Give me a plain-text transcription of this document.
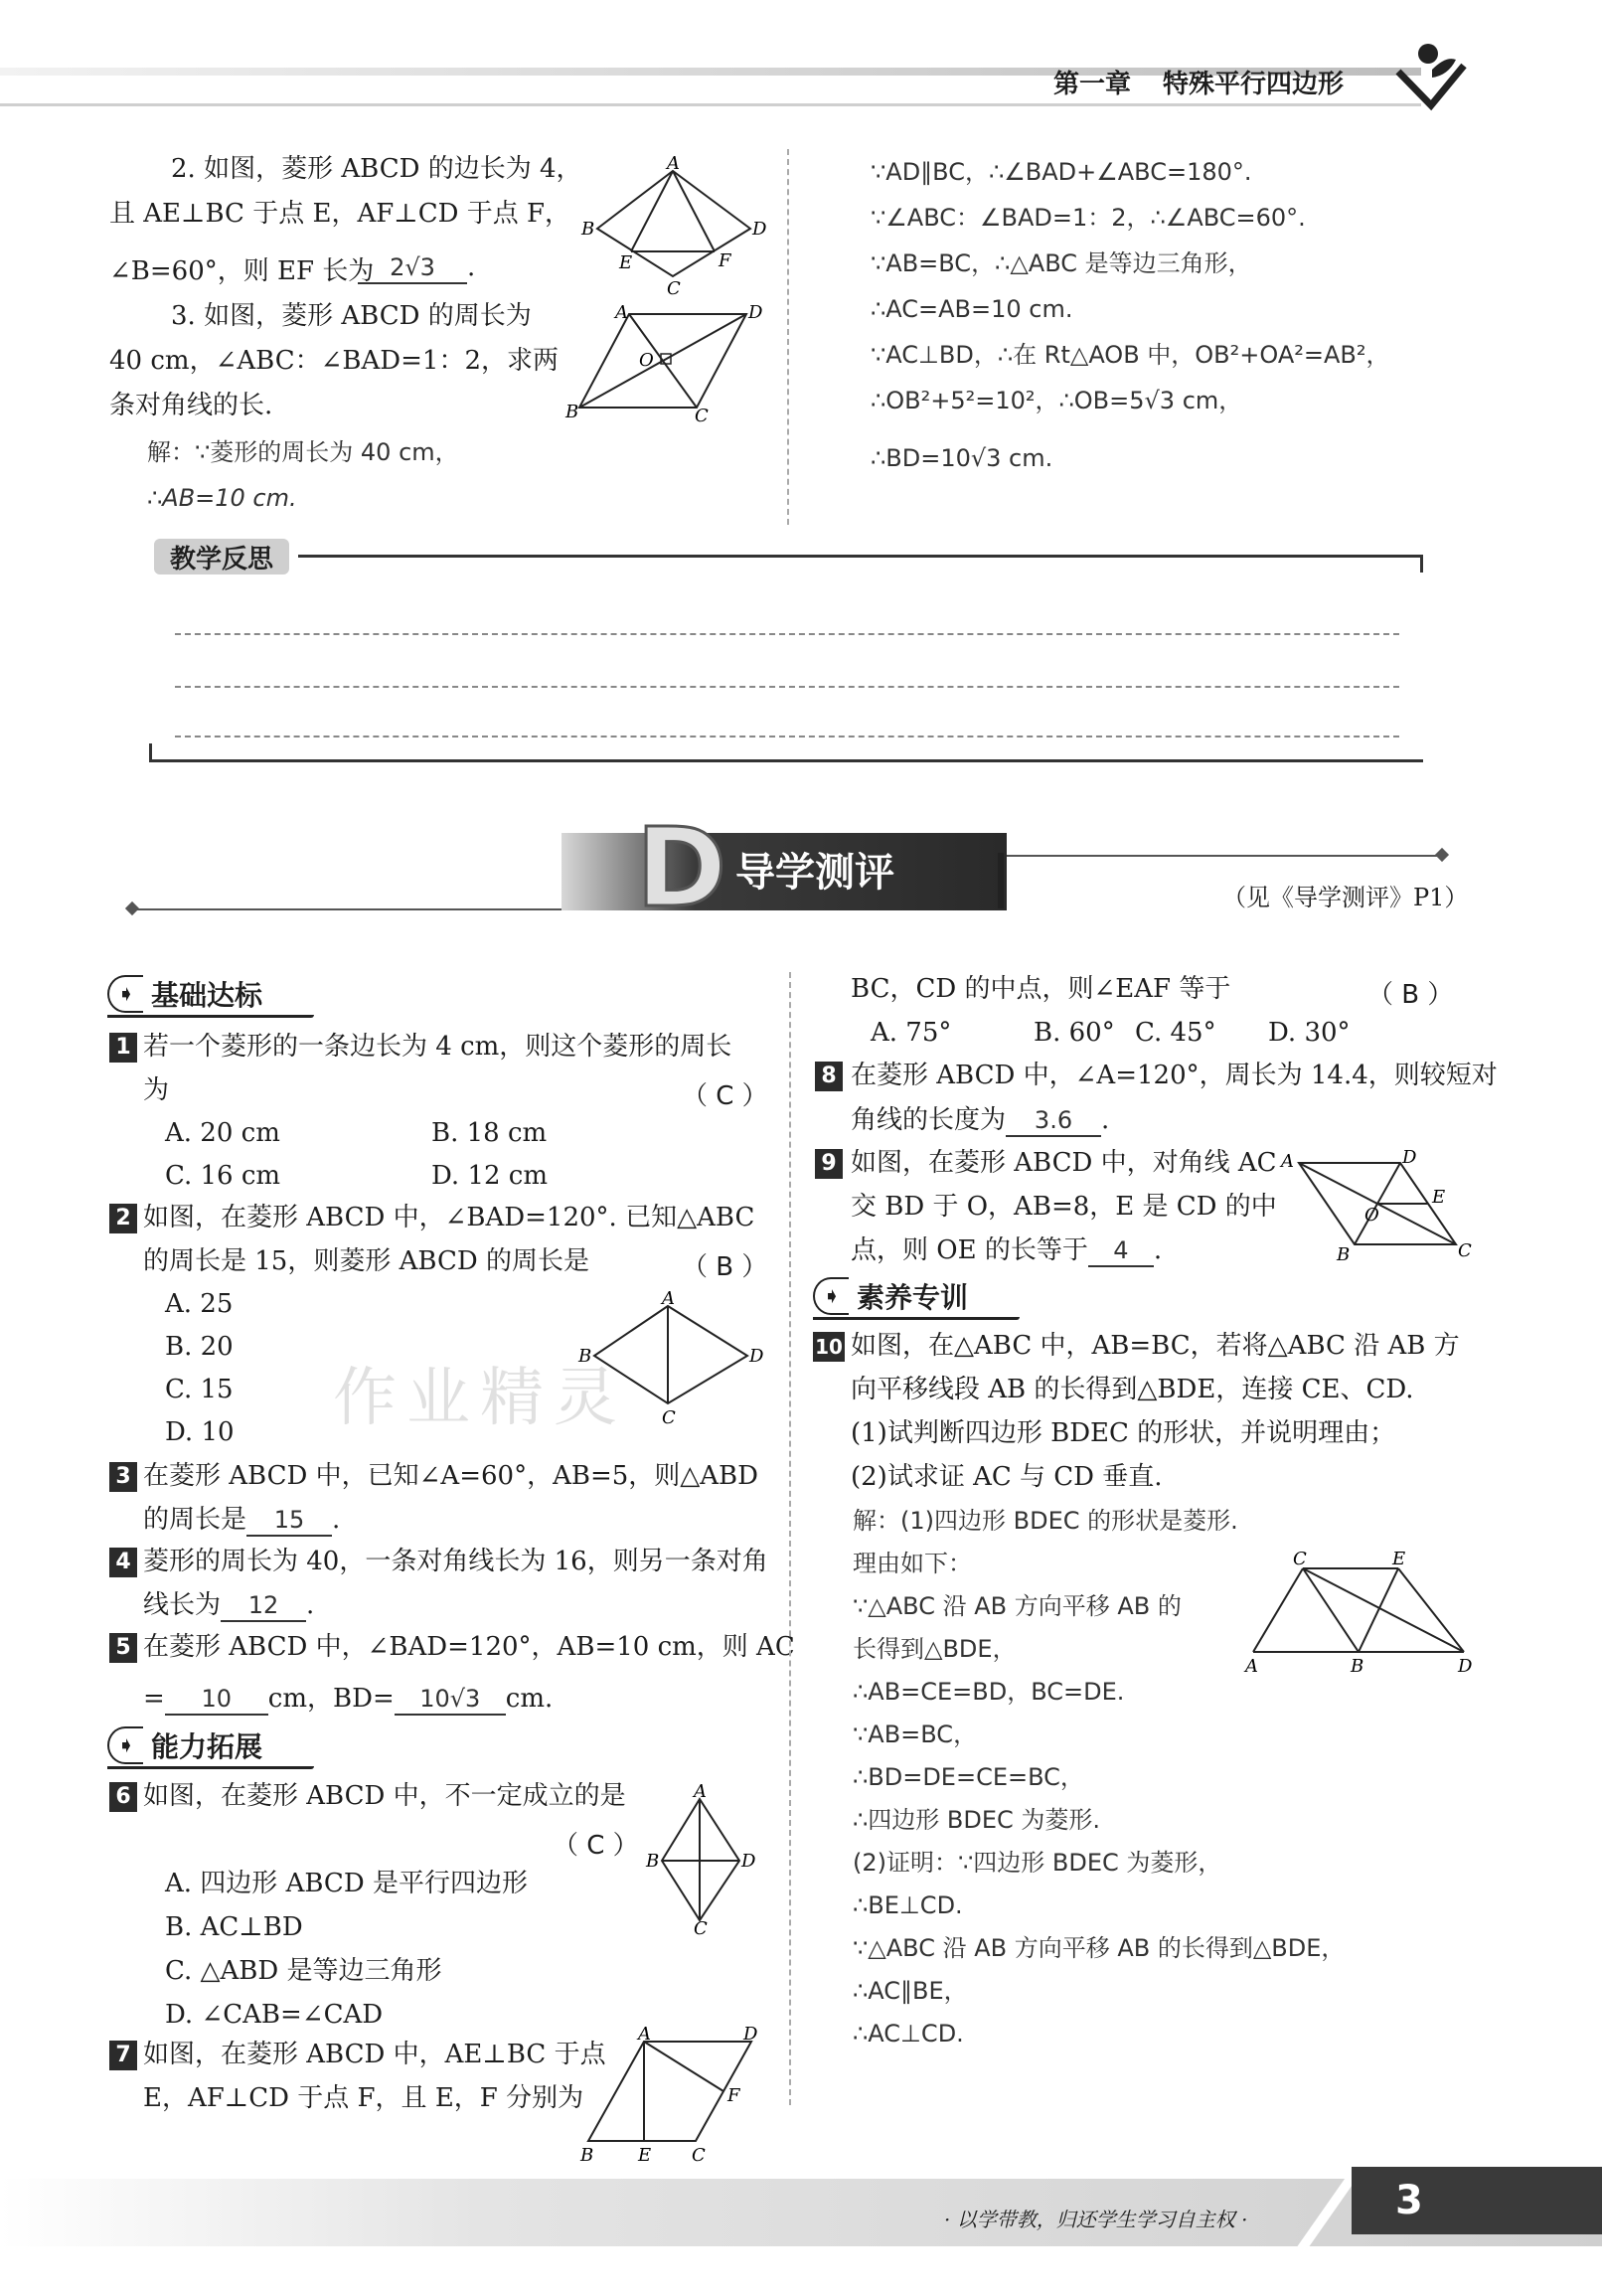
第一章 特殊平行四边形
2. 如图，菱形 ABCD 的边长为 4，
且 AE⊥BC 于点 E，AF⊥CD 于点 F，
∠B=60°，则 EF 长为 2√3 .
A
B	D
E
C
F
3. 如图，菱形 ABCD 的周长为
40 cm，∠ABC：∠BAD=1：2，求两
条对角线的长.
解：∵菱形的周长为 40 cm，
∴AB=10 cm.
A	D
O
B	C
∵AD∥BC，∴∠BAD+∠ABC=180°.
∵∠ABC：∠BAD=1：2，∴∠ABC=60°.
∵AB=BC，∴△ABC 是等边三角形，
∴AC=AB=10 cm.
∵AC⊥BD，∴在 Rt△AOB 中，OB²+OA²=AB²，
∴OB²+5²=10²，∴OB=5√3 cm，
∴BD=10√3 cm.
教学反思
D 导学测评
（见《导学测评》P1）
➧ 基础达标
1 若一个菱形的一条边长为 4 cm，则这个菱形的周长
为	（ C ）
A. 20 cm	B. 18 cm
C. 16 cm	D. 12 cm
2 如图，在菱形 ABCD 中，∠BAD=120°. 已知△ABC
的周长是 15，则菱形 ABCD 的周长是	（ B ）
A. 25
B. 20
C. 15
D. 10
A
B	D
C
3 在菱形 ABCD 中，已知∠A=60°，AB=5，则△ABD
的周长是 15 .
4 菱形的周长为 40，一条对角线长为 16，则另一条对角
线长为 12 .
5 在菱形 ABCD 中，∠BAD=120°，AB=10 cm，则 AC
= 10 cm，BD= 10√3 cm.
➧ 能力拓展
6 如图，在菱形 ABCD 中，不一定成立的是
（ C ）
A. 四边形 ABCD 是平行四边形
B. AC⊥BD
C. △ABD 是等边三角形
D. ∠CAB=∠CAD
A
B	D
C
7 如图，在菱形 ABCD 中，AE⊥BC 于点
E，AF⊥CD 于点 F，且 E，F 分别为
A	D
F
B E C
BC，CD 的中点，则∠EAF 等于	（ B ）
A. 75°	B. 60° C. 45° D. 30°
8 在菱形 ABCD 中，∠A=120°，周长为 14.4，则较短对
角线的长度为 3.6 .
9 如图，在菱形 ABCD 中，对角线 AC
交 BD 于 O，AB=8，E 是 CD 的中
点，则 OE 的长等于 4 .
A	D
E
O
B	C
➧ 素养专训
10 如图，在△ABC 中，AB=BC，若将△ABC 沿 AB 方
向平移线段 AB 的长得到△BDE，连接 CE、CD.
(1)试判断四边形 BDEC 的形状，并说明理由；
(2)试求证 AC 与 CD 垂直.
解：(1)四边形 BDEC 的形状是菱形.
理由如下：
∵△ABC 沿 AB 方向平移 AB 的
长得到△BDE，
∴AB=CE=BD，BC=DE.
∵AB=BC，
∴BD=DE=CE=BC，
∴四边形 BDEC 为菱形.
(2)证明：∵四边形 BDEC 为菱形，
∴BE⊥CD.
∵△ABC 沿 AB 方向平移 AB 的长得到△BDE，
∴AC∥BE，
∴AC⊥CD.
C	E
A	B	D
作业精灵
3
· 以学带教，归还学生学习自主权 ·
